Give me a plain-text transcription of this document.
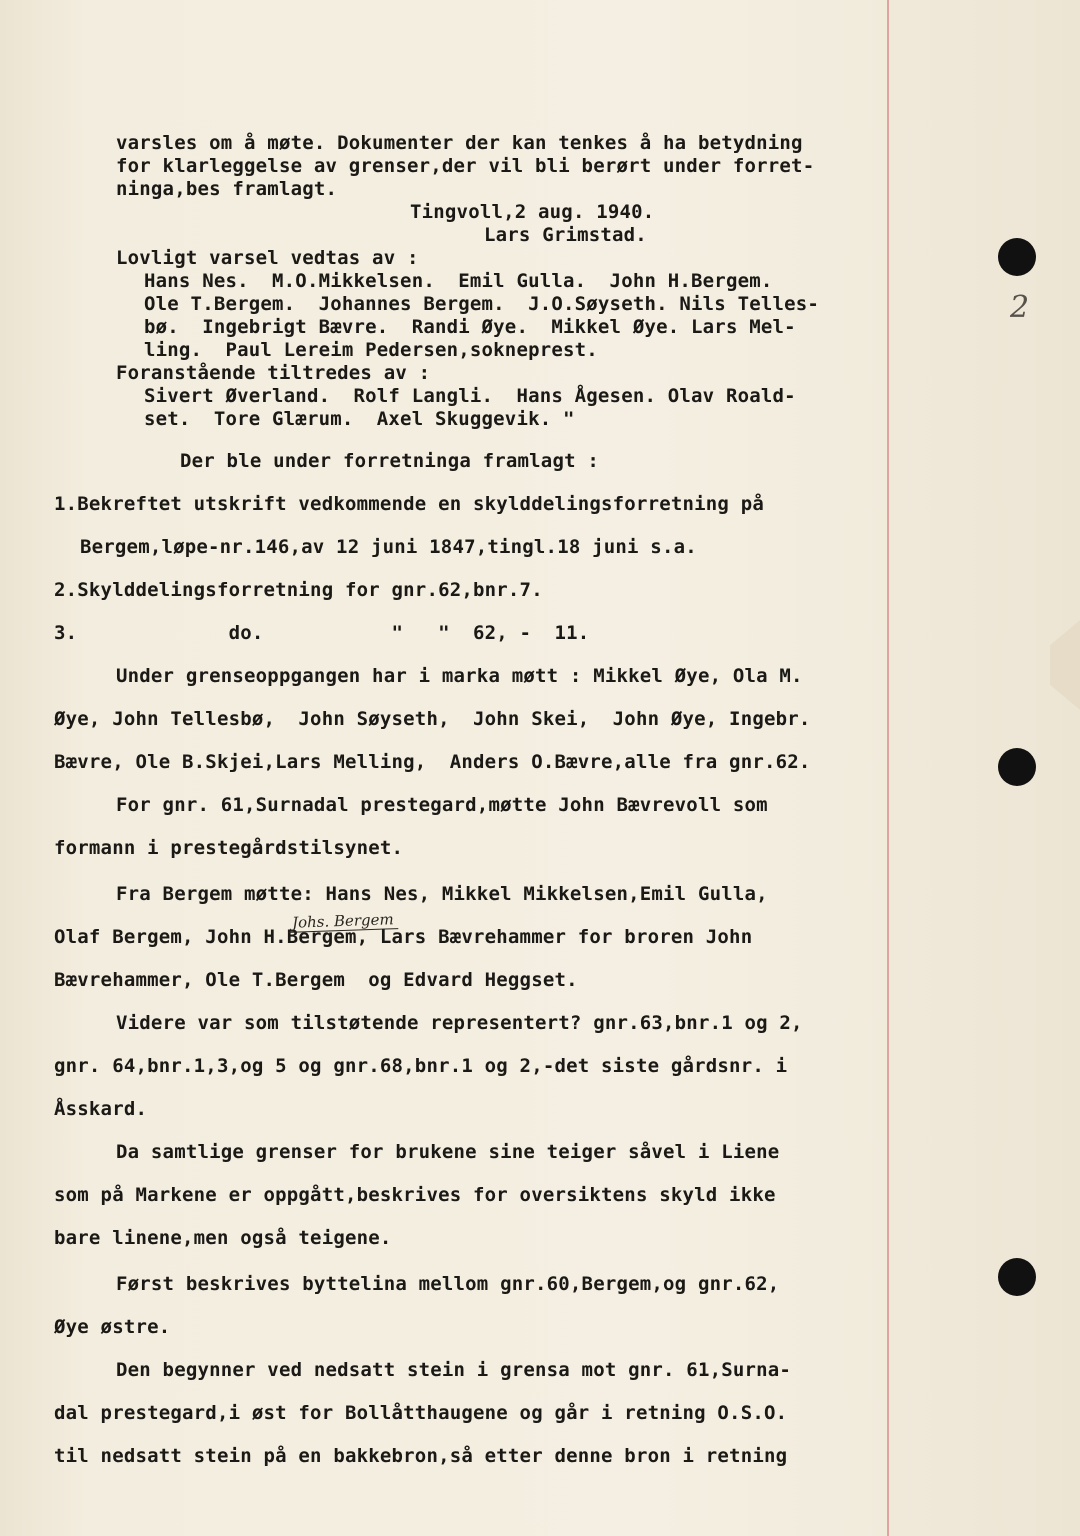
2
varsles om å møte. Dokumenter der kan tenkes å ha betydning
for klarleggelse av grenser,der vil bli berørt under forret-
ninga,bes framlagt.
Tingvoll,2 aug. 1940.
Lars Grimstad.
Lovligt varsel vedtas av :
Hans Nes.  M.O.Mikkelsen.  Emil Gulla.  John H.Bergem.
Ole T.Bergem.  Johannes Bergem.  J.O.Søyseth. Nils Telles-
bø.  Ingebrigt Bævre.  Randi Øye.  Mikkel Øye. Lars Mel-
ling.  Paul Lereim Pedersen,sokneprest.
Foranstående tiltredes av :
Sivert Øverland.  Rolf Langli.  Hans Ågesen. Olav Roald-
set.  Tore Glærum.  Axel Skuggevik. "
Der ble under forretninga framlagt :
1.Bekreftet utskrift vedkommende en skylddelingsforretning på
Bergem,løpe-nr.146,av 12 juni 1847,tingl.18 juni s.a.
2.Skylddelingsforretning for gnr.62,bnr.7.
3.             do.           "   "  62, -  11.
Under grenseoppgangen har i marka møtt : Mikkel Øye, Ola M.
Øye, John Tellesbø,  John Søyseth,  John Skei,  John Øye, Ingebr.
Bævre, Ole B.Skjei,Lars Melling,  Anders O.Bævre,alle fra gnr.62.
For gnr. 61,Surnadal prestegard,møtte John Bævrevoll som
formann i prestegårdstilsynet.
Fra Bergem møtte: Hans Nes, Mikkel Mikkelsen,Emil Gulla,
Olaf Bergem, John H.Bergem, Lars Bævrehammer for broren John
Johs. Bergem
Bævrehammer, Ole T.Bergem  og Edvard Heggset.
Videre var som tilstøtende representert? gnr.63,bnr.1 og 2,
gnr. 64,bnr.1,3,og 5 og gnr.68,bnr.1 og 2,-det siste gårdsnr. i
Åsskard.
Da samtlige grenser for brukene sine teiger såvel i Liene
som på Markene er oppgått,beskrives for oversiktens skyld ikke
bare linene,men også teigene.
Først beskrives byttelina mellom gnr.60,Bergem,og gnr.62,
Øye østre.
Den begynner ved nedsatt stein i grensa mot gnr. 61,Surna-
dal prestegard,i øst for Bollåtthaugene og går i retning O.S.O.
til nedsatt stein på en bakkebron,så etter denne bron i retning
